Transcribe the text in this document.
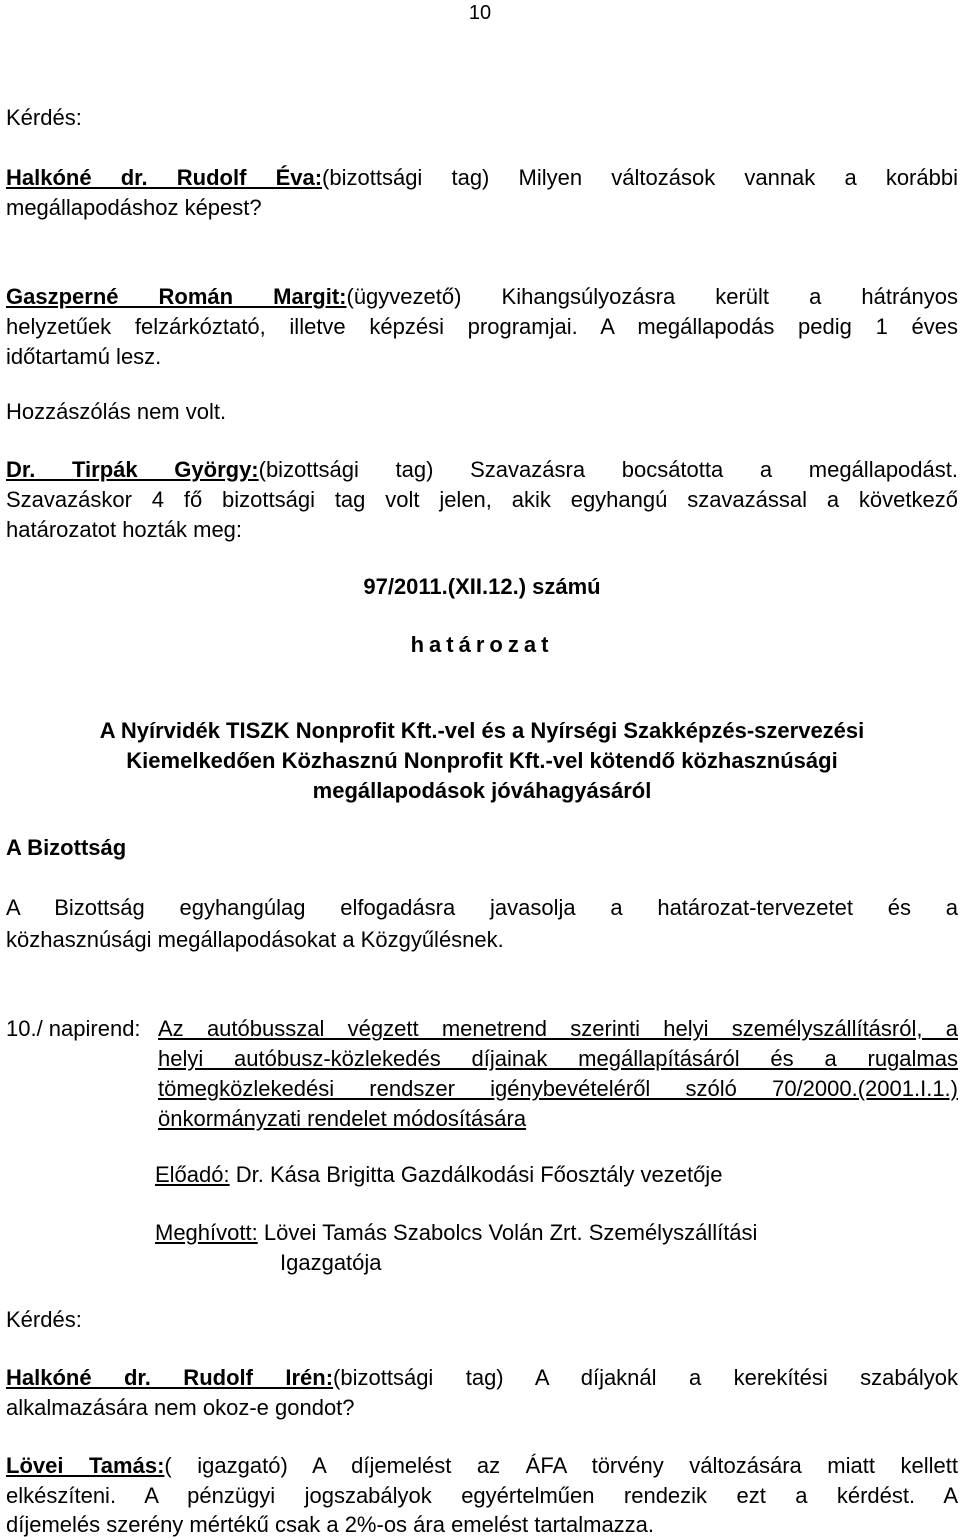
10
Kérdés:
Halkóné dr. Rudolf Éva:(bizottsági tag) Milyen változások vannak a korábbi
megállapodáshoz képest?
Gaszperné Román Margit:(ügyvezető) Kihangsúlyozásra került a hátrányos
helyzetűek felzárkóztató, illetve képzési programjai. A megállapodás pedig 1 éves
időtartamú lesz.
Hozzászólás nem volt.
Dr. Tirpák György:(bizottsági tag) Szavazásra bocsátotta a megállapodást.
Szavazáskor 4 fő bizottsági tag volt jelen, akik egyhangú szavazással a következő
határozatot hozták meg:
97/2011.(XII.12.) számú
határozat
A Nyírvidék TISZK Nonprofit Kft.-vel és a Nyírségi Szakképzés-szervezési
Kiemelkedően Közhasznú Nonprofit Kft.-vel kötendő közhasznúsági
megállapodások jóváhagyásáról
A Bizottság
A Bizottság egyhangúlag elfogadásra javasolja a határozat-tervezetet és a
közhasznúsági megállapodásokat a Közgyűlésnek.
10./ napirend: Az autóbusszal végzett menetrend szerinti helyi személyszállításról, a
helyi autóbusz-közlekedés díjainak megállapításáról és a rugalmas
tömegközlekedési rendszer igénybevételéről szóló 70/2000.(2001.I.1.)
önkormányzati rendelet módosítására
Előadó: Dr. Kása Brigitta Gazdálkodási Főosztály vezetője
Meghívott: Lövei Tamás Szabolcs Volán Zrt. Személyszállítási
Igazgatója
Kérdés:
Halkóné dr. Rudolf Irén:(bizottsági tag) A díjaknál a kerekítési szabályok
alkalmazására nem okoz-e gondot?
Lövei Tamás:( igazgató) A díjemelést az ÁFA törvény változására miatt kellett
elkészíteni. A pénzügyi jogszabályok egyértelműen rendezik ezt a kérdést. A
díjemelés szerény mértékű csak a 2%-os ára emelést tartalmazza.
